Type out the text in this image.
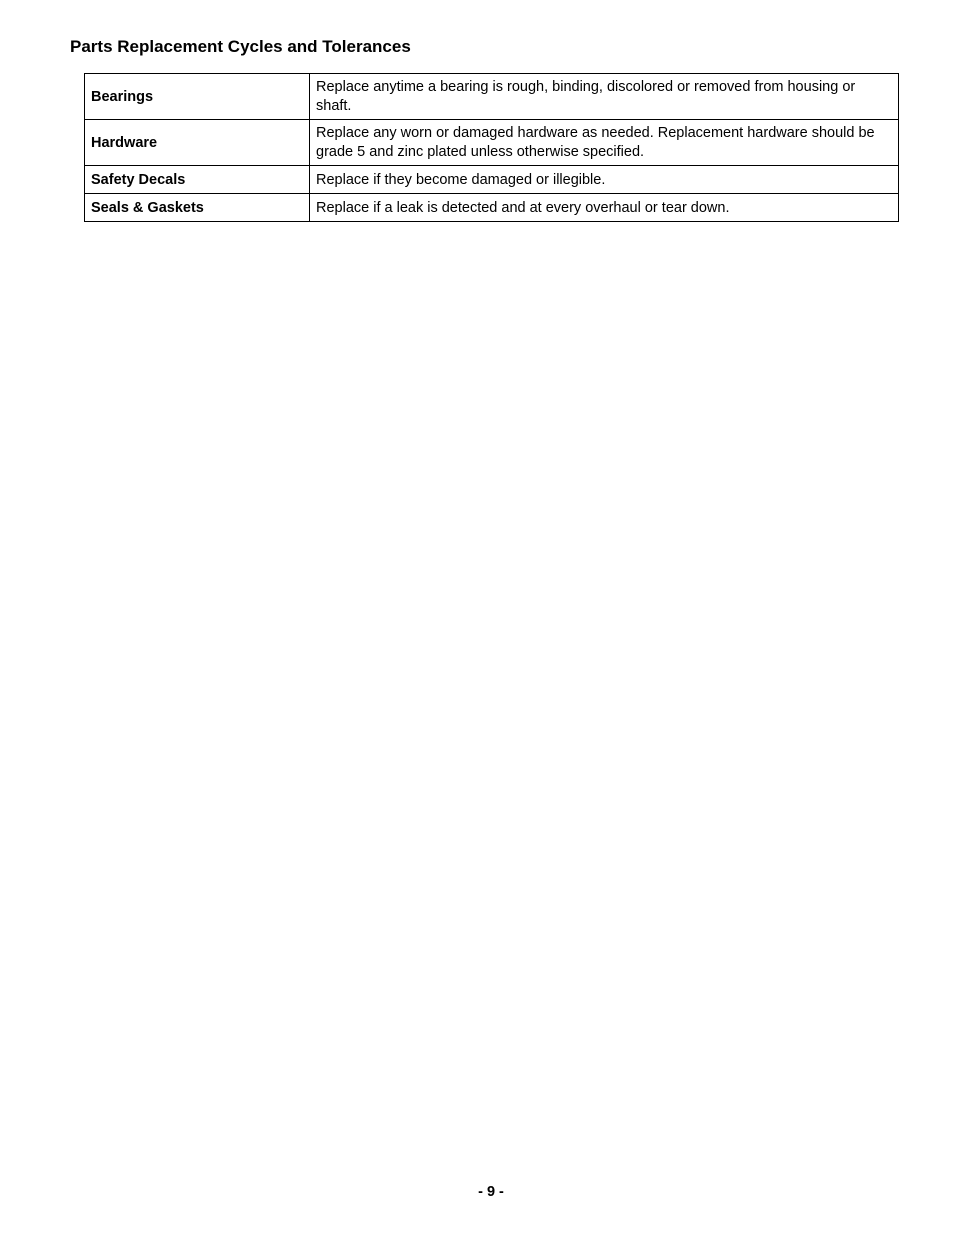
Parts Replacement Cycles and Tolerances
Bearings	Replace anytime a bearing is rough, binding, discolored or removed from housing or shaft.
Hardware	Replace any worn or damaged hardware as needed. Replacement hardware should be grade 5 and zinc plated unless otherwise specified.
Safety Decals	Replace if they become damaged or illegible.
Seals & Gaskets	Replace if a leak is detected and at every overhaul or tear down.
- 9 -
